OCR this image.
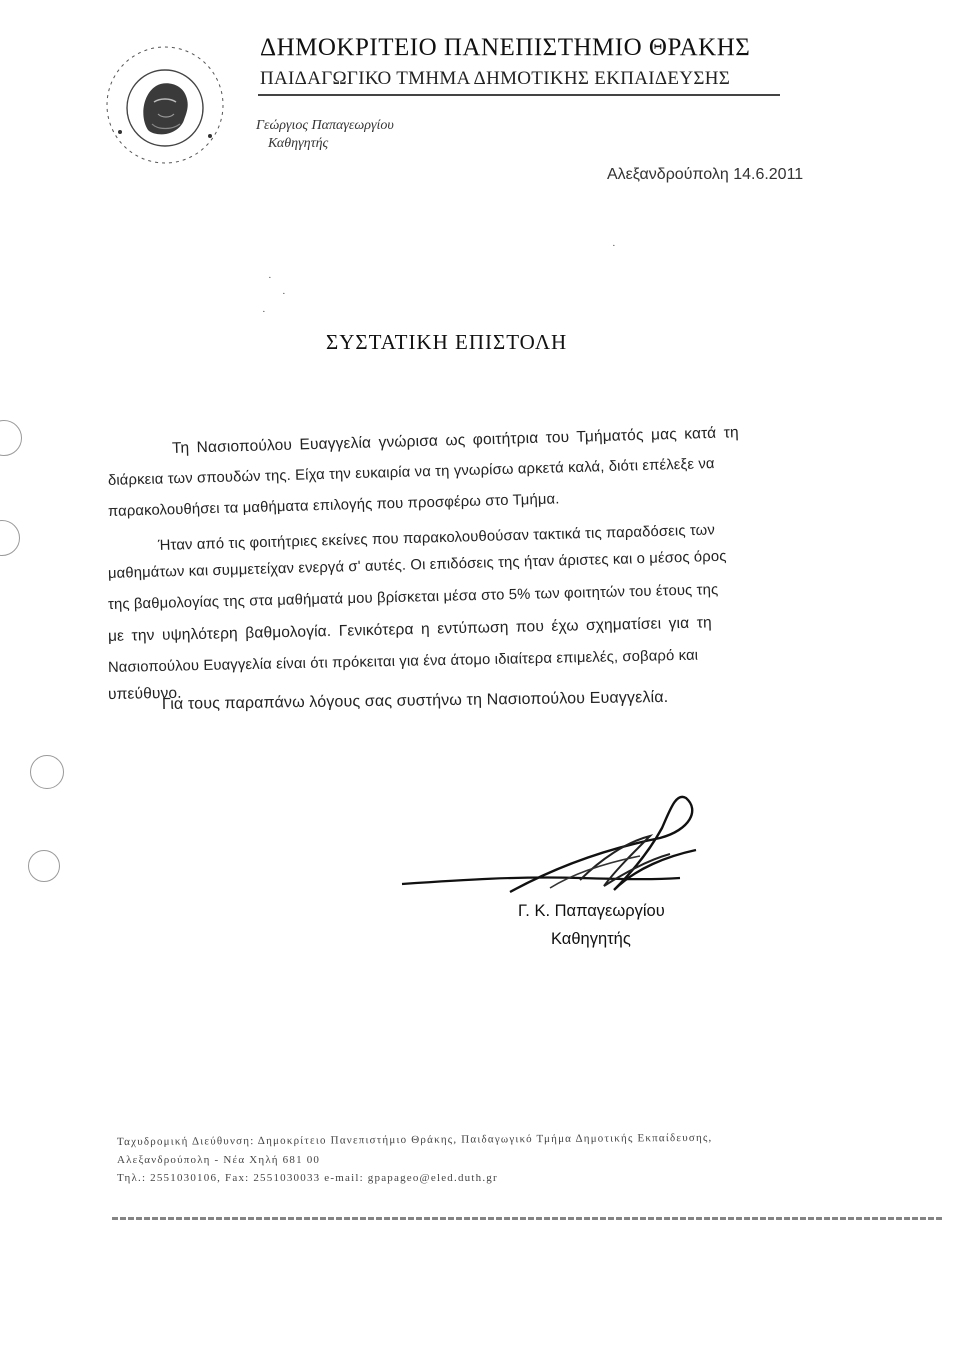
ΔΗΜΟΚΡΙΤΕΙΟ ΠΑΝΕΠΙΣΤΗΜΙΟ ΘΡΑΚΗΣ
ΠΑΙΔΑΓΩΓΙΚΟ ΤΜΗΜΑ ΔΗΜΟΤΙΚΗΣ ΕΚΠΑΙΔΕΥΣΗΣ
Γεώργιος Παπαγεωργίου
Καθηγητής
Αλεξανδρούπολη 14.6.2011
·
·
·
·
ΣΥΣΤΑΤΙΚΗ ΕΠΙΣΤΟΛΗ
Τη Νασιοπούλου Ευαγγελία γνώρισα ως φοιτήτρια του Τμήματός μας κατά τη
διάρκεια των σπουδών της. Είχα την ευκαιρία να τη γνωρίσω αρκετά καλά, διότι επέλεξε να
παρακολουθήσει τα μαθήματα επιλογής που προσφέρω στο Τμήμα.
Ήταν από τις φοιτήτριες εκείνες που παρακολουθούσαν τακτικά τις παραδόσεις των
μαθημάτων και συμμετείχαν ενεργά σ' αυτές. Οι επιδόσεις της ήταν άριστες και ο μέσος όρος
της βαθμολογίας της στα μαθήματά μου βρίσκεται μέσα στο 5% των φοιτητών του έτους της
με την υψηλότερη βαθμολογία. Γενικότερα η εντύπωση που έχω σχηματίσει για τη
Νασιοπούλου Ευαγγελία είναι ότι πρόκειται για ένα άτομο ιδιαίτερα επιμελές, σοβαρό και
υπεύθυνο.
Για τους παραπάνω λόγους σας συστήνω τη Νασιοπούλου Ευαγγελία.
Γ. Κ. Παπαγεωργίου
Καθηγητής
Ταχυδρομική Διεύθυνση: Δημοκρίτειο Πανεπιστήμιο Θράκης, Παιδαγωγικό Τμήμα Δημοτικής Εκπαίδευσης,
Αλεξανδρούπολη - Νέα Χηλή 681 00
Τηλ.: 2551030106, Fax: 2551030033 e-mail: gpapageo@eled.duth.gr
